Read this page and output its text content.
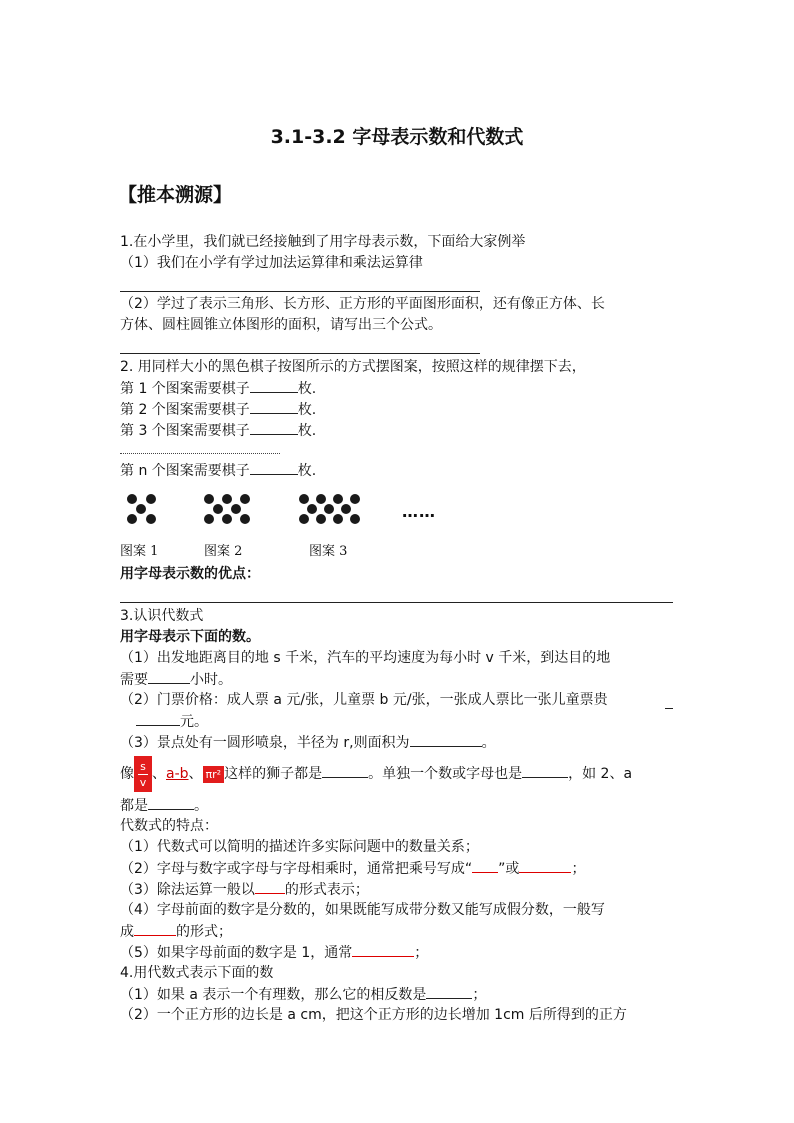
3.1-3.2 字母表示数和代数式
【推本溯源】
1.在小学里，我们就已经接触到了用字母表示数，下面给大家例举
（1）我们在小学有学过加法运算律和乘法运算律
（2）学过了表示三角形、长方形、正方形的平面图形面积，还有像正方体、长
方体、圆柱圆锥立体图形的面积，请写出三个公式。
2. 用同样大小的黑色棋子按图所示的方式摆图案，按照这样的规律摆下去，
第 1 个图案需要棋子	枚.
第 2 个图案需要棋子	枚.
第 3 个图案需要棋子	枚.
第 n 个图案需要棋子	枚.
……
图案 1	图案 2	图案 3
用字母表示数的优点：
3.认识代数式
用字母表示下面的数。
（1）出发地距离目的地 s 千米，汽车的平均速度为每小时 v 千米，到达目的地
需要	小时。
（2）门票价格：成人票 a 元/张，儿童票 b 元/张，一张成人票比一张儿童票贵
元。
（3）景点处有一圆形喷泉，半径为 r,则面积为	。
像 $\frac{s}{v}$ 、a-b、 πr² 这样的狮子都是	。单独一个数或字母也是	，如 2、a
都是	。
代数式的特点：
（1）代数式可以简明的描述许多实际问题中的数量关系；
（2）字母与数字或字母与字母相乘时，通常把乘号写成“ ”或	；
（3）除法运算一般以 的形式表示；
（4）字母前面的数字是分数的，如果既能写成带分数又能写成假分数，一般写
成	的形式；
（5）如果字母前面的数字是 1，通常	；
4.用代数式表示下面的数
（1）如果 a 表示一个有理数，那么它的相反数是	；
（2）一个正方形的边长是 a cm，把这个正方形的边长增加 1cm 后所得到的正方
